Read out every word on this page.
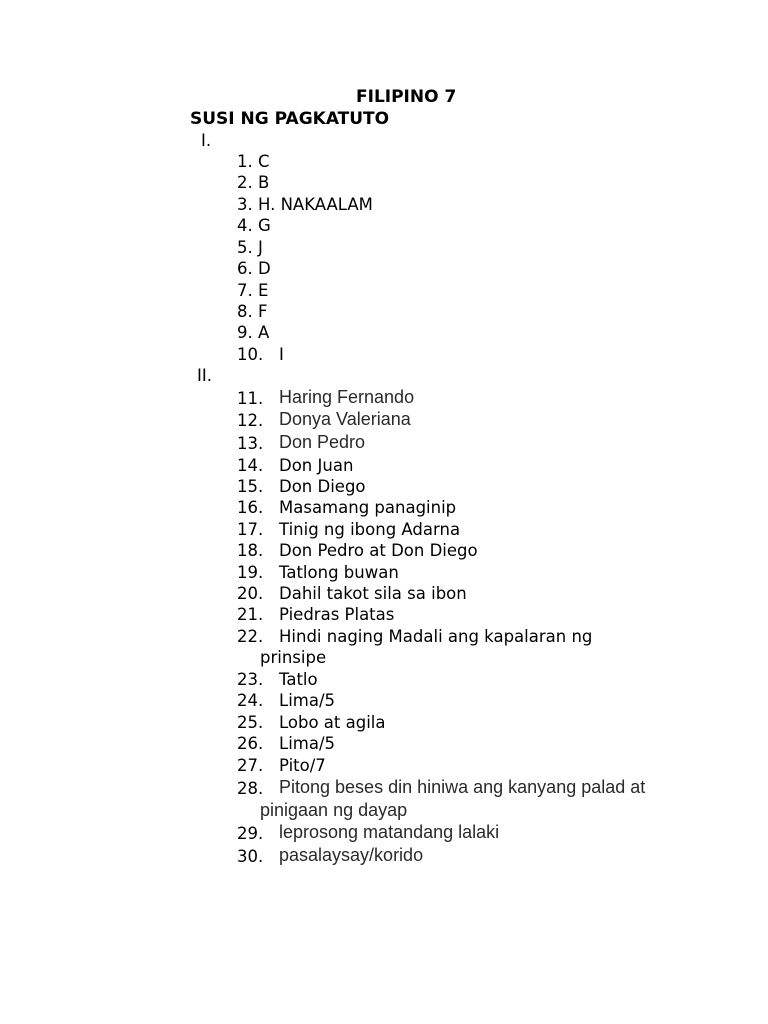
FILIPINO 7
SUSI NG PAGKATUTO
I.
1. C
2. B
3. H. NAKAALAM
4. G
5. J
6. D
7. E
8. F
9. A
10. I
II.
11. Haring Fernando
12. Donya Valeriana
13. Don Pedro
14. Don Juan
15. Don Diego
16. Masamang panaginip
17. Tinig ng ibong Adarna
18. Don Pedro at Don Diego
19. Tatlong buwan
20. Dahil takot sila sa ibon
21. Piedras Platas
22. Hindi naging Madali ang kapalaran ng
prinsipe
23. Tatlo
24. Lima/5
25. Lobo at agila
26. Lima/5
27. Pito/7
28. Pitong beses din hiniwa ang kanyang palad at
pinigaan ng dayap
29. leprosong matandang lalaki
30. pasalaysay/korido
